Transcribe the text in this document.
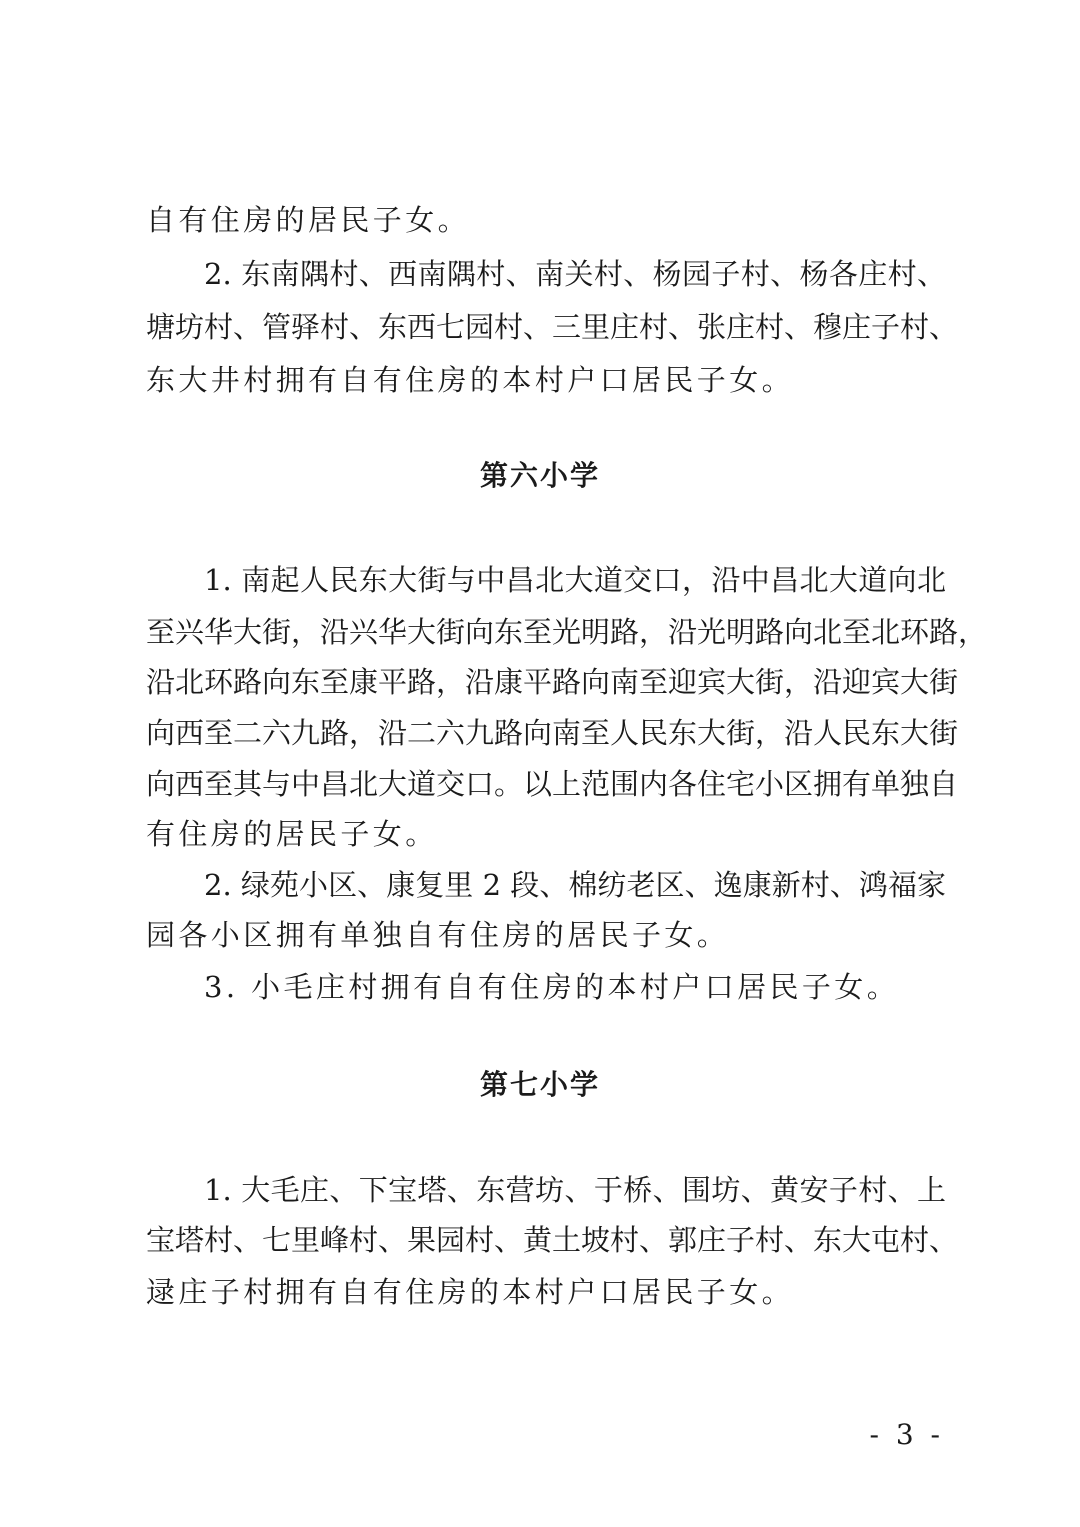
自有住房的居民子女。
2. 东南隅村、西南隅村、南关村、杨园子村、杨各庄村、
塘坊村、管驿村、东西七园村、三里庄村、张庄村、穆庄子村、
东大井村拥有自有住房的本村户口居民子女。
第六小学
1. 南起人民东大街与中昌北大道交口，沿中昌北大道向北
至兴华大街，沿兴华大街向东至光明路，沿光明路向北至北环路，
沿北环路向东至康平路，沿康平路向南至迎宾大街，沿迎宾大街
向西至二六九路，沿二六九路向南至人民东大街，沿人民东大街
向西至其与中昌北大道交口。以上范围内各住宅小区拥有单独自
有住房的居民子女。
2. 绿苑小区、康复里 2 段、棉纺老区、逸康新村、鸿福家
园各小区拥有单独自有住房的居民子女。
3. 小毛庄村拥有自有住房的本村户口居民子女。
第七小学
1. 大毛庄、下宝塔、东营坊、于桥、围坊、黄安子村、上
宝塔村、七里峰村、果园村、黄土坡村、郭庄子村、东大屯村、
逯庄子村拥有自有住房的本村户口居民子女。
- 3 -
